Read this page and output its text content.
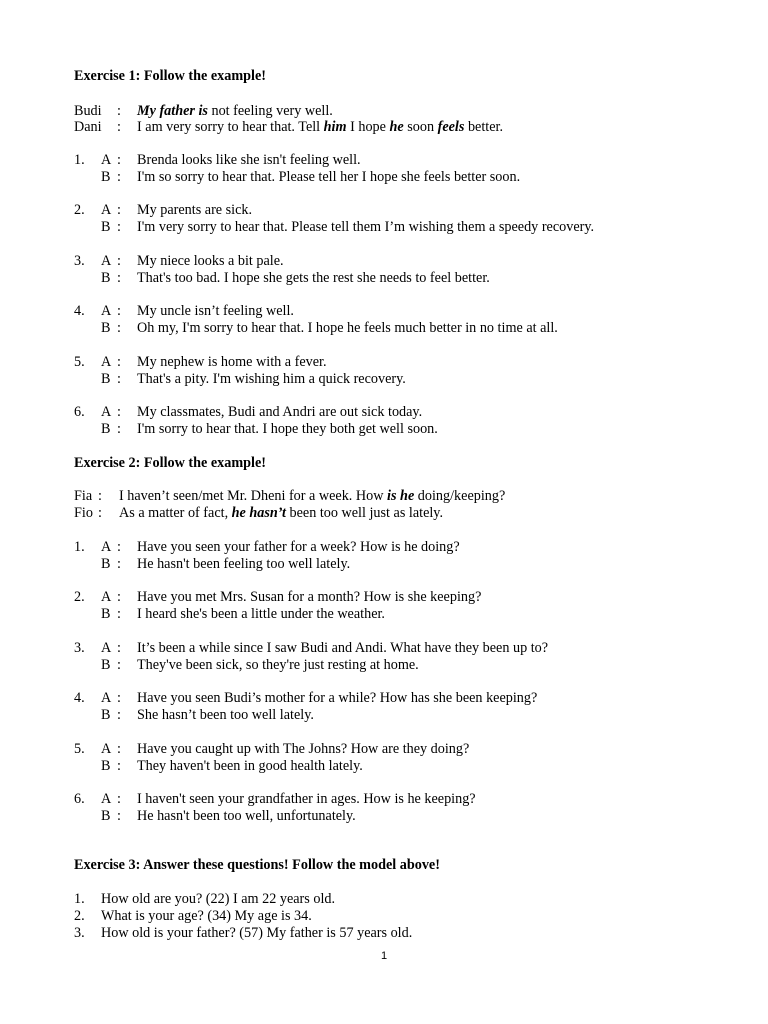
Exercise 1: Follow the example!
Budi : My father is not feeling very well.
Dani : I am very sorry to hear that. Tell him I hope he soon feels better.
1. A : Brenda looks like she isn't feeling well.
B : I'm so sorry to hear that. Please tell her I hope she feels better soon.
2. A : My parents are sick.
B : I'm very sorry to hear that. Please tell them I’m wishing them a speedy recovery.
3. A : My niece looks a bit pale.
B : That's too bad. I hope she gets the rest she needs to feel better.
4. A : My uncle isn’t feeling well.
B : Oh my, I'm sorry to hear that. I hope he feels much better in no time at all.
5. A : My nephew is home with a fever.
B : That's a pity. I'm wishing him a quick recovery.
6. A : My classmates, Budi and Andri are out sick today.
B : I'm sorry to hear that. I hope they both get well soon.
Exercise 2: Follow the example!
Fia : I haven’t seen/met Mr. Dheni for a week. How is he doing/keeping?
Fio : As a matter of fact, he hasn’t been too well just as lately.
1. A : Have you seen your father for a week? How is he doing?
B : He hasn't been feeling too well lately.
2. A : Have you met Mrs. Susan for a month? How is she keeping?
B : I heard she's been a little under the weather.
3. A : It’s been a while since I saw Budi and Andi. What have they been up to?
B : They've been sick, so they're just resting at home.
4. A : Have you seen Budi’s mother for a while? How has she been keeping?
B : She hasn’t been too well lately.
5. A : Have you caught up with The Johns? How are they doing?
B : They haven't been in good health lately.
6. A : I haven't seen your grandfather in ages. How is he keeping?
B : He hasn't been too well, unfortunately.
Exercise 3: Answer these questions! Follow the model above!
1. How old are you? (22) I am 22 years old.
2. What is your age? (34) My age is 34.
3. How old is your father? (57) My father is 57 years old.
1
